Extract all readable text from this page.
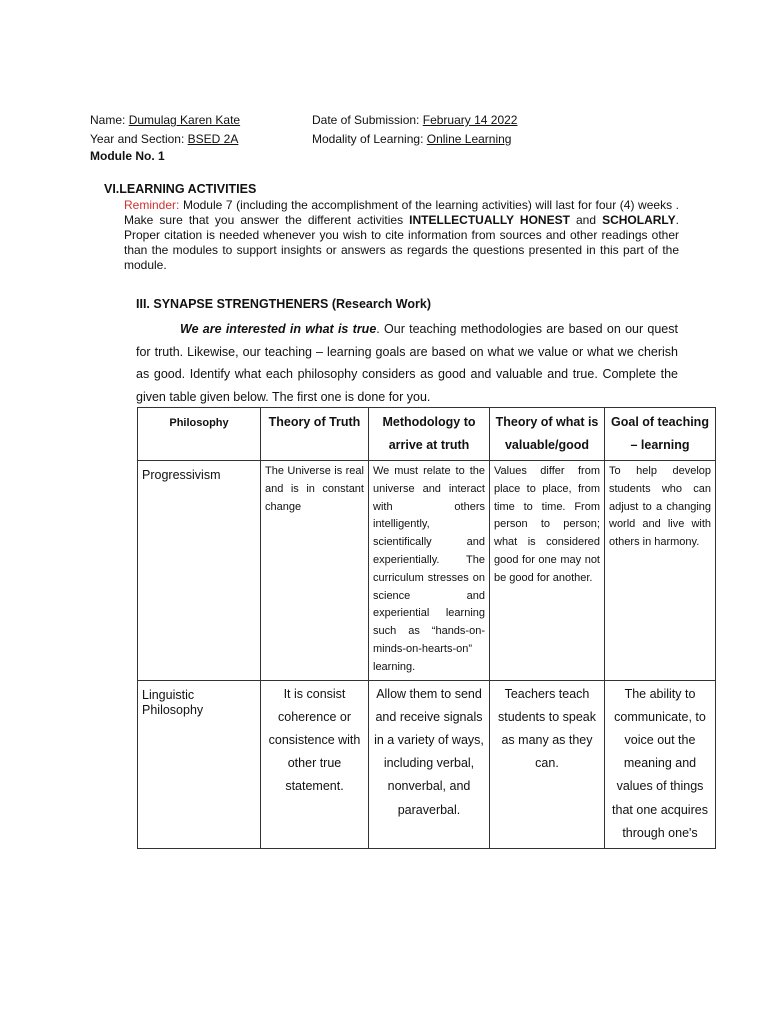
Name: Dumulag Karen Kate	Date of Submission: February 14 2022
Year and Section: BSED 2A	Modality of Learning: Online Learning
Module No. 1
VI.LEARNING ACTIVITIES
Reminder: Module 7 (including the accomplishment of the learning activities) will last for four (4) weeks . Make sure that you answer the different activities INTELLECTUALLY HONEST and SCHOLARLY. Proper citation is needed whenever you wish to cite information from sources and other readings other than the modules to support insights or answers as regards the questions presented in this part of the module.
III. SYNAPSE STRENGTHENERS (Research Work)
We are interested in what is true. Our teaching methodologies are based on our quest for truth. Likewise, our teaching – learning goals are based on what we value or what we cherish as good. Identify what each philosophy considers as good and valuable and true. Complete the given table given below. The first one is done for you.
Philosophy	Theory of Truth	Methodology to arrive at truth	Theory of what is valuable/good	Goal of teaching – learning
Progressivism	The Universe is real and is in constant change	We must relate to the universe and interact with others intelligently, scientifically and experientially. The curriculum stresses on science and experiential learning such as “hands-on-minds-on-hearts-on” learning.	Values differ from place to place, from time to time. From person to person; what is considered good for one may not be good for another.	To help develop students who can adjust to a changing world and live with others in harmony.
Linguistic Philosophy	It is consist coherence or consistence with other true statement.	Allow them to send and receive signals in a variety of ways, including verbal, nonverbal, and paraverbal.	Teachers teach students to speak as many as they can.	The ability to communicate, to voice out the meaning and values of things that one acquires through one's
